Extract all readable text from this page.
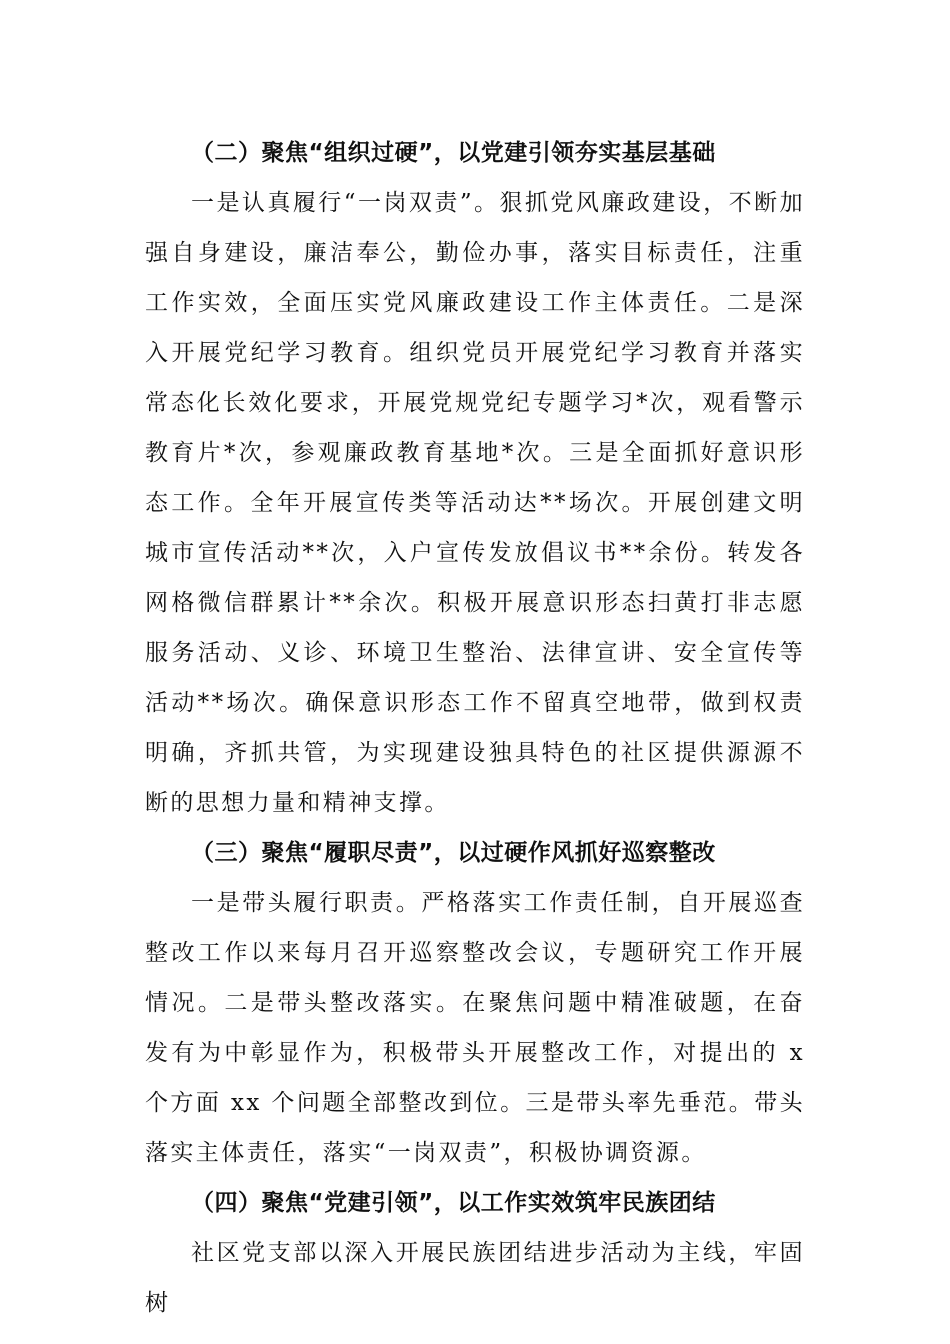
（二）聚焦“组织过硬”，以党建引领夯实基层基础

一是认真履行“一岗双责”。狠抓党风廉政建设，不断加强自身建设，廉洁奉公，勤俭办事，落实目标责任，注重工作实效，全面压实党风廉政建设工作主体责任。二是深入开展党纪学习教育。组织党员开展党纪学习教育并落实常态化长效化要求，开展党规党纪专题学习*次，观看警示教育片*次，参观廉政教育基地*次。三是全面抓好意识形态工作。全年开展宣传类等活动达**场次。开展创建文明城市宣传活动**次，入户宣传发放倡议书**余份。转发各网格微信群累计**余次。积极开展意识形态扫黄打非志愿服务活动、义诊、环境卫生整治、法律宣讲、安全宣传等活动**场次。确保意识形态工作不留真空地带，做到权责明确，齐抓共管，为实现建设独具特色的社区提供源源不断的思想力量和精神支撑。

（三）聚焦“履职尽责”，以过硬作风抓好巡察整改

一是带头履行职责。严格落实工作责任制，自开展巡查整改工作以来每月召开巡察整改会议，专题研究工作开展情况。二是带头整改落实。在聚焦问题中精准破题，在奋发有为中彰显作为，积极带头开展整改工作，对提出的 x 个方面 xx 个问题全部整改到位。三是带头率先垂范。带头落实主体责任，落实“一岗双责”，积极协调资源。

（四）聚焦“党建引领”，以工作实效筑牢民族团结

社区党支部以深入开展民族团结进步活动为主线，牢固树
